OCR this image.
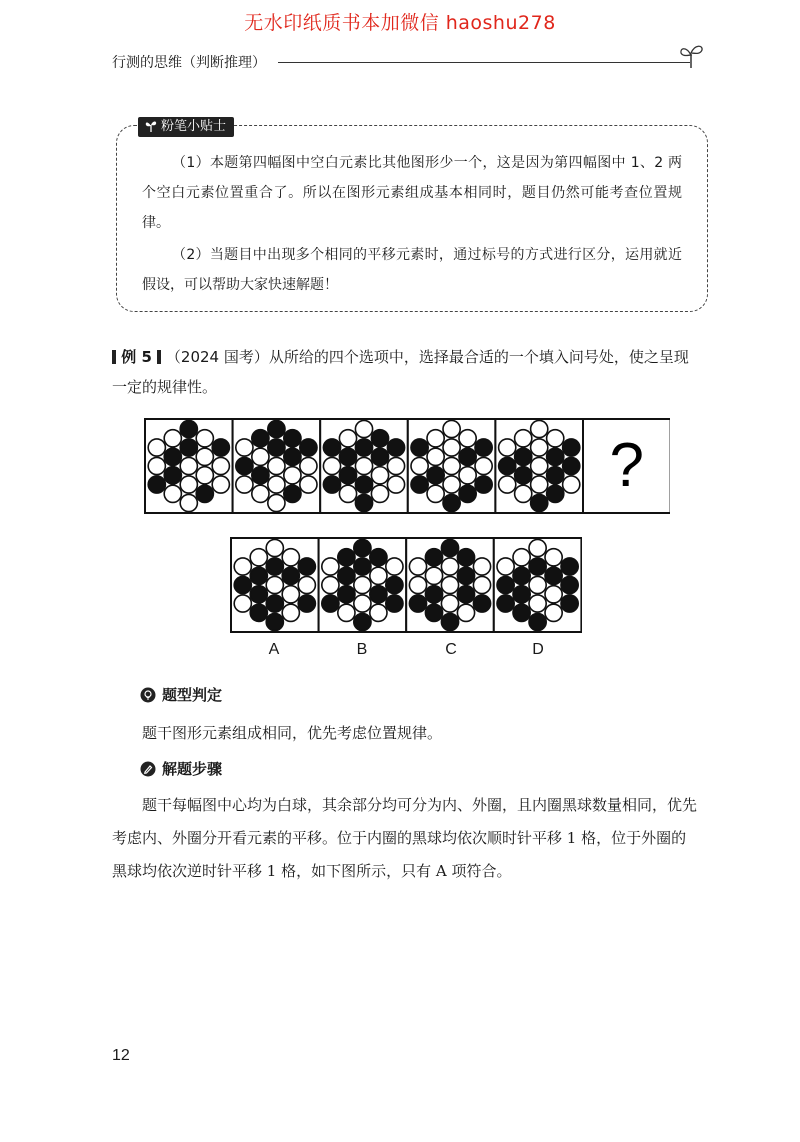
无水印纸质书本加微信 haoshu278
行测的思维（判断推理）
粉笔小贴士
（1）本题第四幅图中空白元素比其他图形少一个，这是因为第四幅图中 1、2 两个空白元素位置重合了。所以在图形元素组成基本相同时，题目仍然可能考查位置规律。
（2）当题目中出现多个相同的平移元素时，通过标号的方式进行区分，运用就近假设，可以帮助大家快速解题！
例 5 （2024 国考）从所给的四个选项中，选择最合适的一个填入问号处，使之呈现一定的规律性。
?
A	B	C	D
题型判定
题干图形元素组成相同，优先考虑位置规律。
解题步骤
题干每幅图中心均为白球，其余部分均可分为内、外圈，且内圈黑球数量相同，优先考虑内、外圈分开看元素的平移。位于内圈的黑球均依次顺时针平移 1 格，位于外圈的黑球均依次逆时针平移 1 格，如下图所示，只有 A 项符合。
12
